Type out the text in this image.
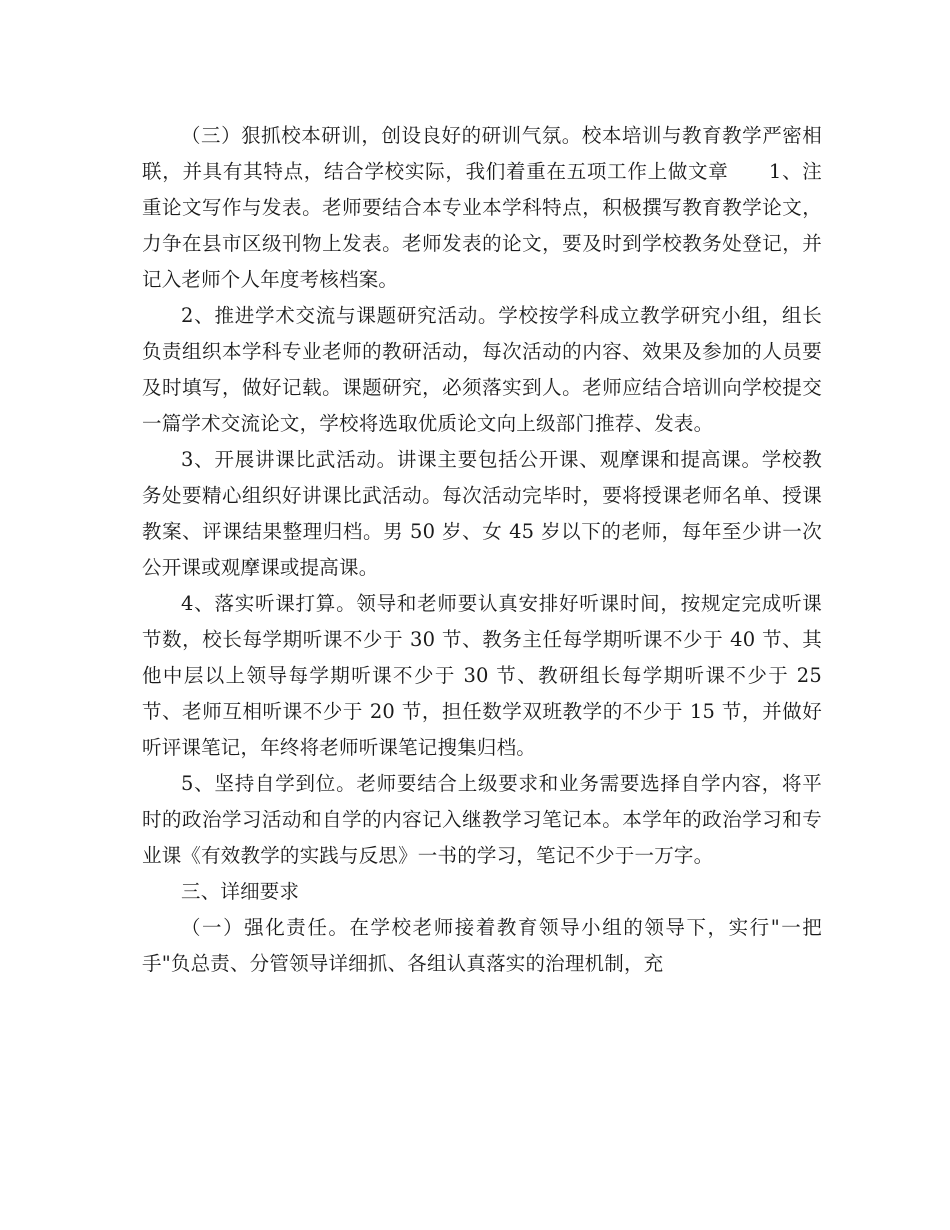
（三）狠抓校本研训，创设良好的研训气氛。校本培训与教育教学严密相联，并具有其特点，结合学校实际，我们着重在五项工作上做文章　　1、注重论文写作与发表。老师要结合本专业本学科特点，积极撰写教育教学论文，力争在县市区级刊物上发表。老师发表的论文，要及时到学校教务处登记，并记入老师个人年度考核档案。

2、推进学术交流与课题研究活动。学校按学科成立教学研究小组，组长负责组织本学科专业老师的教研活动，每次活动的内容、效果及参加的人员要及时填写，做好记载。课题研究，必须落实到人。老师应结合培训向学校提交一篇学术交流论文，学校将选取优质论文向上级部门推荐、发表。

3、开展讲课比武活动。讲课主要包括公开课、观摩课和提高课。学校教务处要精心组织好讲课比武活动。每次活动完毕时，要将授课老师名单、授课教案、评课结果整理归档。男 50 岁、女 45 岁以下的老师，每年至少讲一次公开课或观摩课或提高课。

4、落实听课打算。领导和老师要认真安排好听课时间，按规定完成听课节数，校长每学期听课不少于 30 节、教务主任每学期听课不少于 40 节、其他中层以上领导每学期听课不少于 30 节、教研组长每学期听课不少于 25 节、老师互相听课不少于 20 节，担任数学双班教学的不少于 15 节，并做好听评课笔记，年终将老师听课笔记搜集归档。

5、坚持自学到位。老师要结合上级要求和业务需要选择自学内容，将平时的政治学习活动和自学的内容记入继教学习笔记本。本学年的政治学习和专业课《有效教学的实践与反思》一书的学习，笔记不少于一万字。

三、详细要求

（一）强化责任。在学校老师接着教育领导小组的领导下，实行"一把手"负总责、分管领导详细抓、各组认真落实的治理机制，充
